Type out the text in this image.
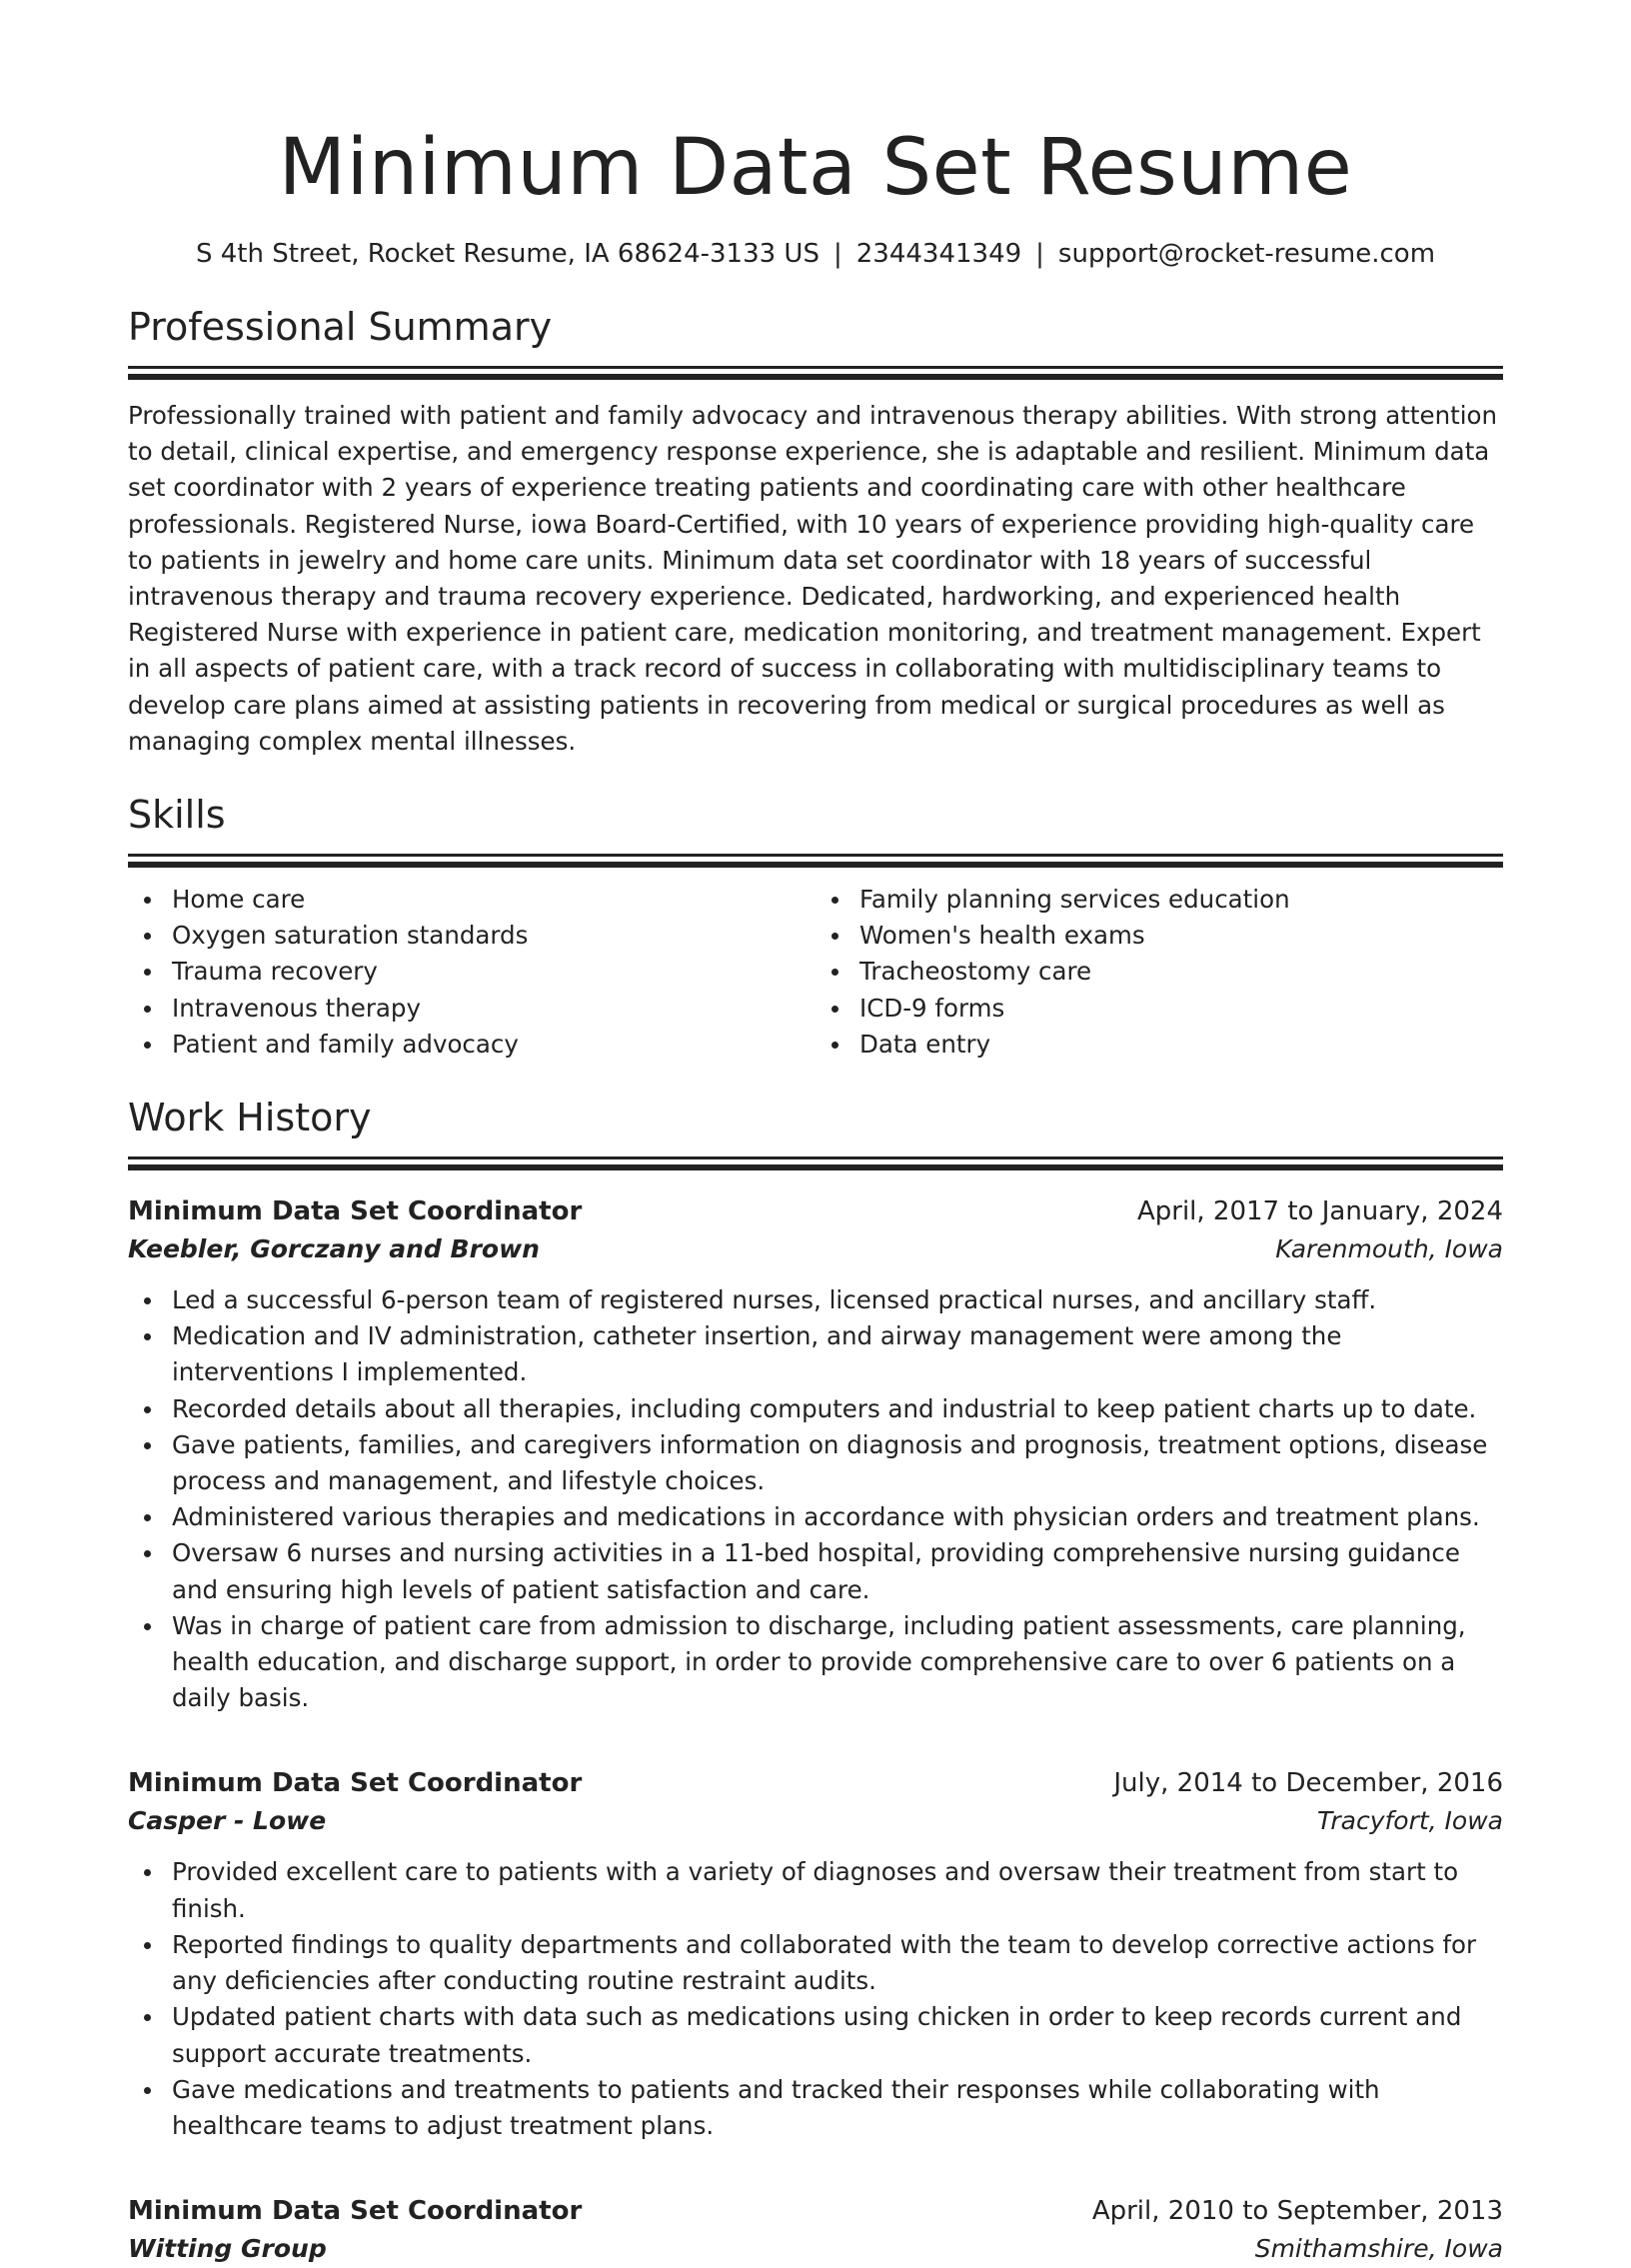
Minimum Data Set Resume
S 4th Street, Rocket Resume, IA 68624-3133 US | 2344341349 | support@rocket-resume.com
Professional Summary

Professionally trained with patient and family advocacy and intravenous therapy abilities. With strong attention to detail, clinical expertise, and emergency response experience, she is adaptable and resilient. Minimum data set coordinator with 2 years of experience treating patients and coordinating care with other healthcare professionals. Registered Nurse, iowa Board-Certified, with 10 years of experience providing high-quality care to patients in jewelry and home care units. Minimum data set coordinator with 18 years of successful intravenous therapy and trauma recovery experience. Dedicated, hardworking, and experienced health Registered Nurse with experience in patient care, medication monitoring, and treatment management. Expert in all aspects of patient care, with a track record of success in collaborating with multidisciplinary teams to develop care plans aimed at assisting patients in recovering from medical or surgical procedures as well as managing complex mental illnesses.

Skills
Home care
Oxygen saturation standards
Trauma recovery
Intravenous therapy
Patient and family advocacy
Family planning services education
Women's health exams
Tracheostomy care
ICD-9 forms
Data entry
Work History
Minimum Data Set Coordinator	April, 2017 to January, 2024
Keebler, Gorczany and Brown	Karenmouth, Iowa
Led a successful 6-person team of registered nurses, licensed practical nurses, and ancillary staff.
Medication and IV administration, catheter insertion, and airway management were among the interventions I implemented.
Recorded details about all therapies, including computers and industrial to keep patient charts up to date.
Gave patients, families, and caregivers information on diagnosis and prognosis, treatment options, disease process and management, and lifestyle choices.
Administered various therapies and medications in accordance with physician orders and treatment plans.
Oversaw 6 nurses and nursing activities in a 11-bed hospital, providing comprehensive nursing guidance and ensuring high levels of patient satisfaction and care.
Was in charge of patient care from admission to discharge, including patient assessments, care planning, health education, and discharge support, in order to provide comprehensive care to over 6 patients on a daily basis.
Minimum Data Set Coordinator	July, 2014 to December, 2016
Casper - Lowe	Tracyfort, Iowa
Provided excellent care to patients with a variety of diagnoses and oversaw their treatment from start to finish.
Reported findings to quality departments and collaborated with the team to develop corrective actions for any deficiencies after conducting routine restraint audits.
Updated patient charts with data such as medications using chicken in order to keep records current and support accurate treatments.
Gave medications and treatments to patients and tracked their responses while collaborating with healthcare teams to adjust treatment plans.
Minimum Data Set Coordinator	April, 2010 to September, 2013
Witting Group	Smithamshire, Iowa
